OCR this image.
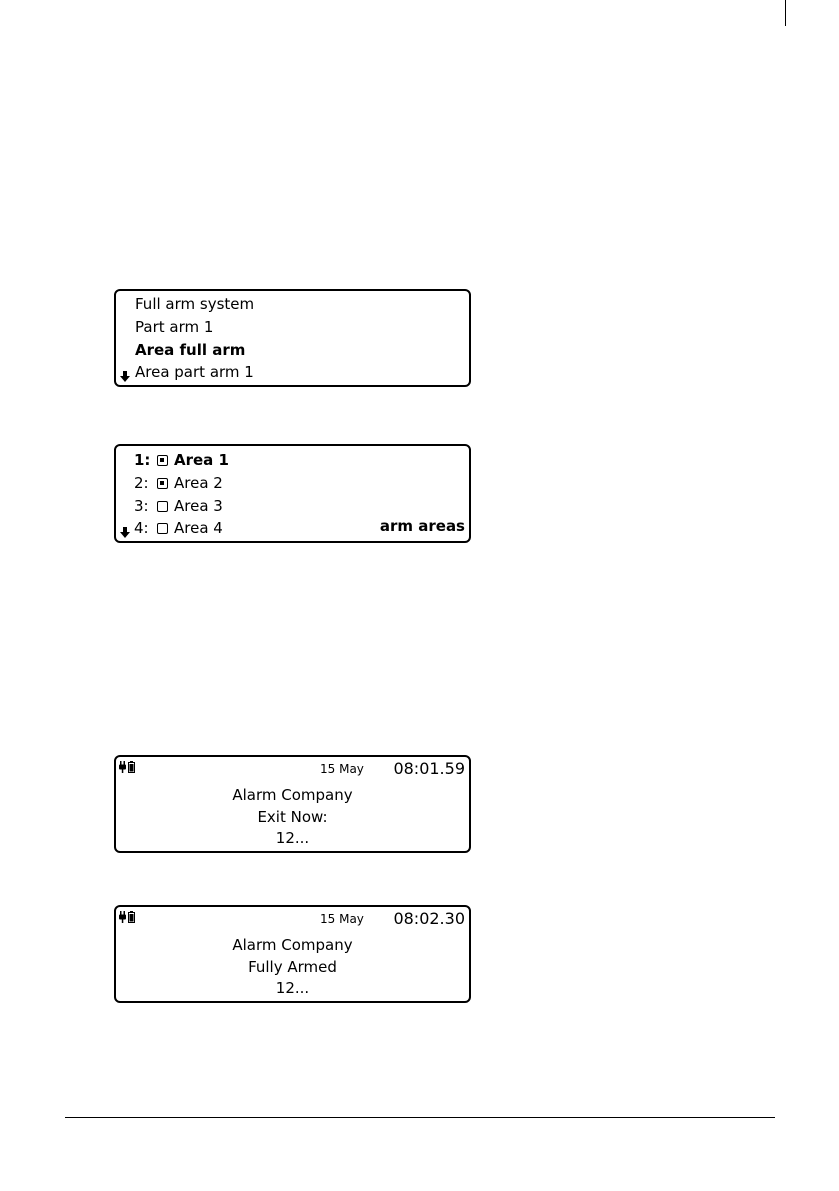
Full arm system
Part arm 1
Area full arm
Area part arm 1
1:	Area 1
2:	Area 2
3:	Area 3
4:	Area 4	arm areas
15 May 08:01.59
Alarm Company
Exit Now:
12...
15 May 08:02.30
Alarm Company
Fully Armed
12...
